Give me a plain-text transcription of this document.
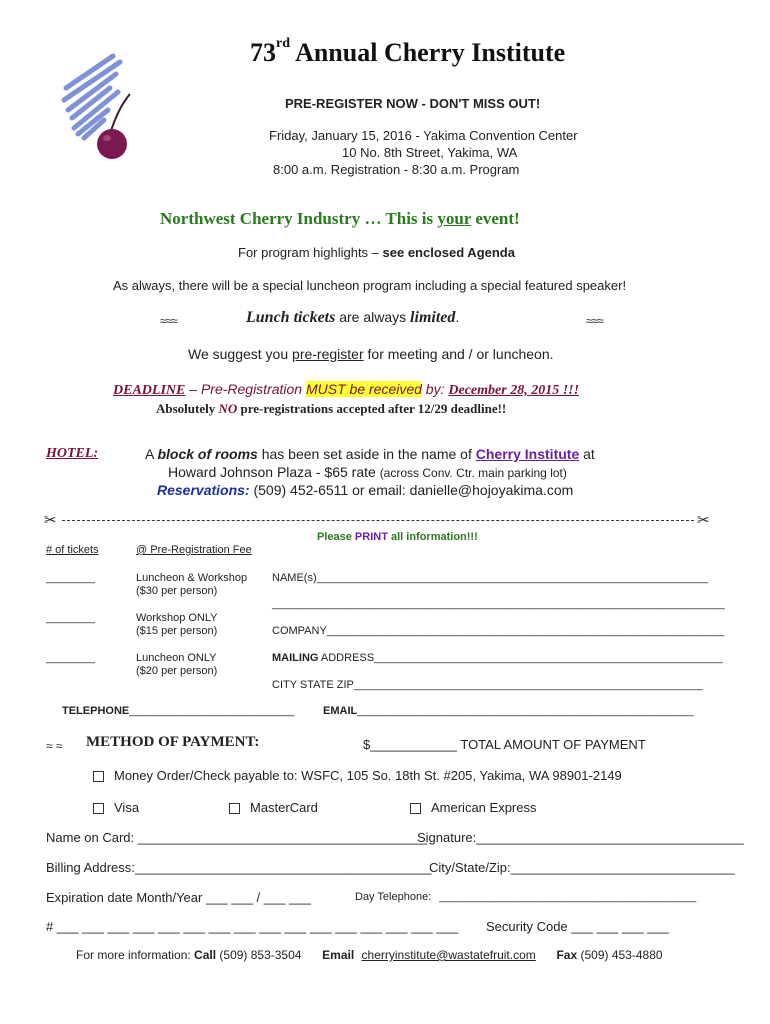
73rd Annual Cherry Institute
PRE-REGISTER NOW - DON'T MISS OUT!
Friday, January 15, 2016 - Yakima Convention Center
10 No. 8th Street, Yakima, WA
8:00 a.m. Registration - 8:30 a.m. Program
Northwest Cherry Industry … This is your event!
For program highlights – see enclosed Agenda
As always, there will be a special luncheon program including a special featured speaker!
≈≈≈	Lunch tickets are always limited.	≈≈≈
We suggest you pre-register for meeting and / or luncheon.
DEADLINE – Pre-Registration MUST be received by: December 28, 2015 !!!
Absolutely NO pre-registrations accepted after 12/29 deadline!!
HOTEL:	A block of rooms has been set aside in the name of Cherry Institute at
Howard Johnson Plaza - $65 rate (across Conv. Ctr. main parking lot)
Reservations: (509) 452-6511 or email: danielle@hojoyakima.com
✂	✂
Please PRINT all information!!!
# of tickets	@ Pre-Registration Fee
________	Luncheon & Workshop
($30 per person)
________	Workshop ONLY
($15 per person)
________	Luncheon ONLY
($20 per person)
NAME(s)________________________________________________________________
__________________________________________________________________________
COMPANY_________________________________________________________________
MAILING ADDRESS_________________________________________________________
CITY STATE ZIP_________________________________________________________
TELEPHONE___________________________	EMAIL_______________________________________________________
≈ ≈ METHOD OF PAYMENT:	$____________ TOTAL AMOUNT OF PAYMENT
Money Order/Check payable to: WSFC, 105 So. 18th St. #205, Yakima, WA 98901-2149
Visa	MasterCard	American Express
Name on Card: ________________________________________
Signature:_____________________________________
Billing Address:_________________________________________
City/State/Zip:_______________________________
Expiration date Month/Year ___ ___ / ___ ___	Day Telephone: __________________________________________
# ___ ___ ___ ___ ___ ___ ___ ___ ___ ___ ___ ___ ___ ___ ___ ___ Security Code ___ ___ ___ ___
For more information: Call (509) 853-3504 Email cherryinstitute@wastatefruit.com Fax (509) 453-4880
